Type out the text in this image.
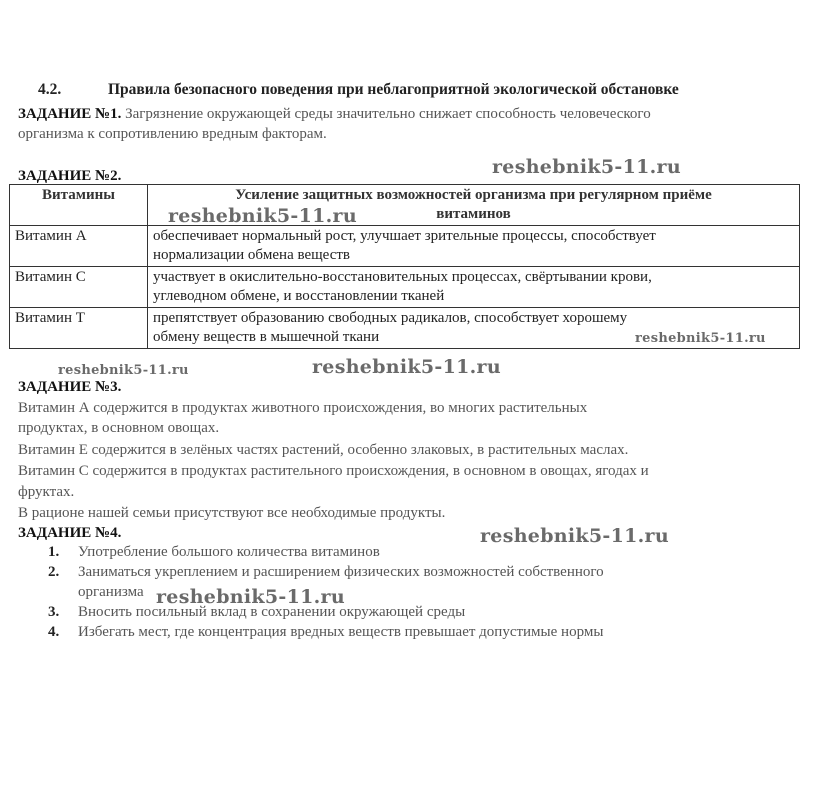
4.2.	Правила безопасного поведения при неблагоприятной экологической обстановке
ЗАДАНИЕ №1. Загрязнение окружающей среды значительно снижает способность человеческого
организма к сопротивлению вредным факторам.
ЗАДАНИЕ №2.
Витамины	Усиление защитных возможностей организма при регулярном приёме
витаминов

Витамин А	обеспечивает нормальный рост, улучшает зрительные процессы, способствует
нормализации обмена веществ

Витамин С	участвует в окислительно-восстановительных процессах, свёртывании крови,
углеводном обмене, и восстановлении тканей

Витамин Т	препятствует образованию свободных радикалов, способствует хорошему
обмену веществ в мышечной ткани
ЗАДАНИЕ №3.
Витамин А содержится в продуктах животного происхождения, во многих растительных
продуктах, в основном овощах.
Витамин Е содержится в зелёных частях растений, особенно злаковых, в растительных маслах.
Витамин С содержится в продуктах растительного происхождения, в основном в овощах, ягодах и
фруктах.
В рационе нашей семьи присутствуют все необходимые продукты.
ЗАДАНИЕ №4.
1. Употребление большого количества витаминов
2. Заниматься укреплением и расширением физических возможностей собственного
организма
3. Вносить посильный вклад в сохранении окружающей среды
4. Избегать мест, где концентрация вредных веществ превышает допустимые нормы
reshebnik5-11.ru
reshebnik5-11.ru
reshebnik5-11.ru
reshebnik5-11.ru
reshebnik5-11.ru
reshebnik5-11.ru
reshebnik5-11.ru
